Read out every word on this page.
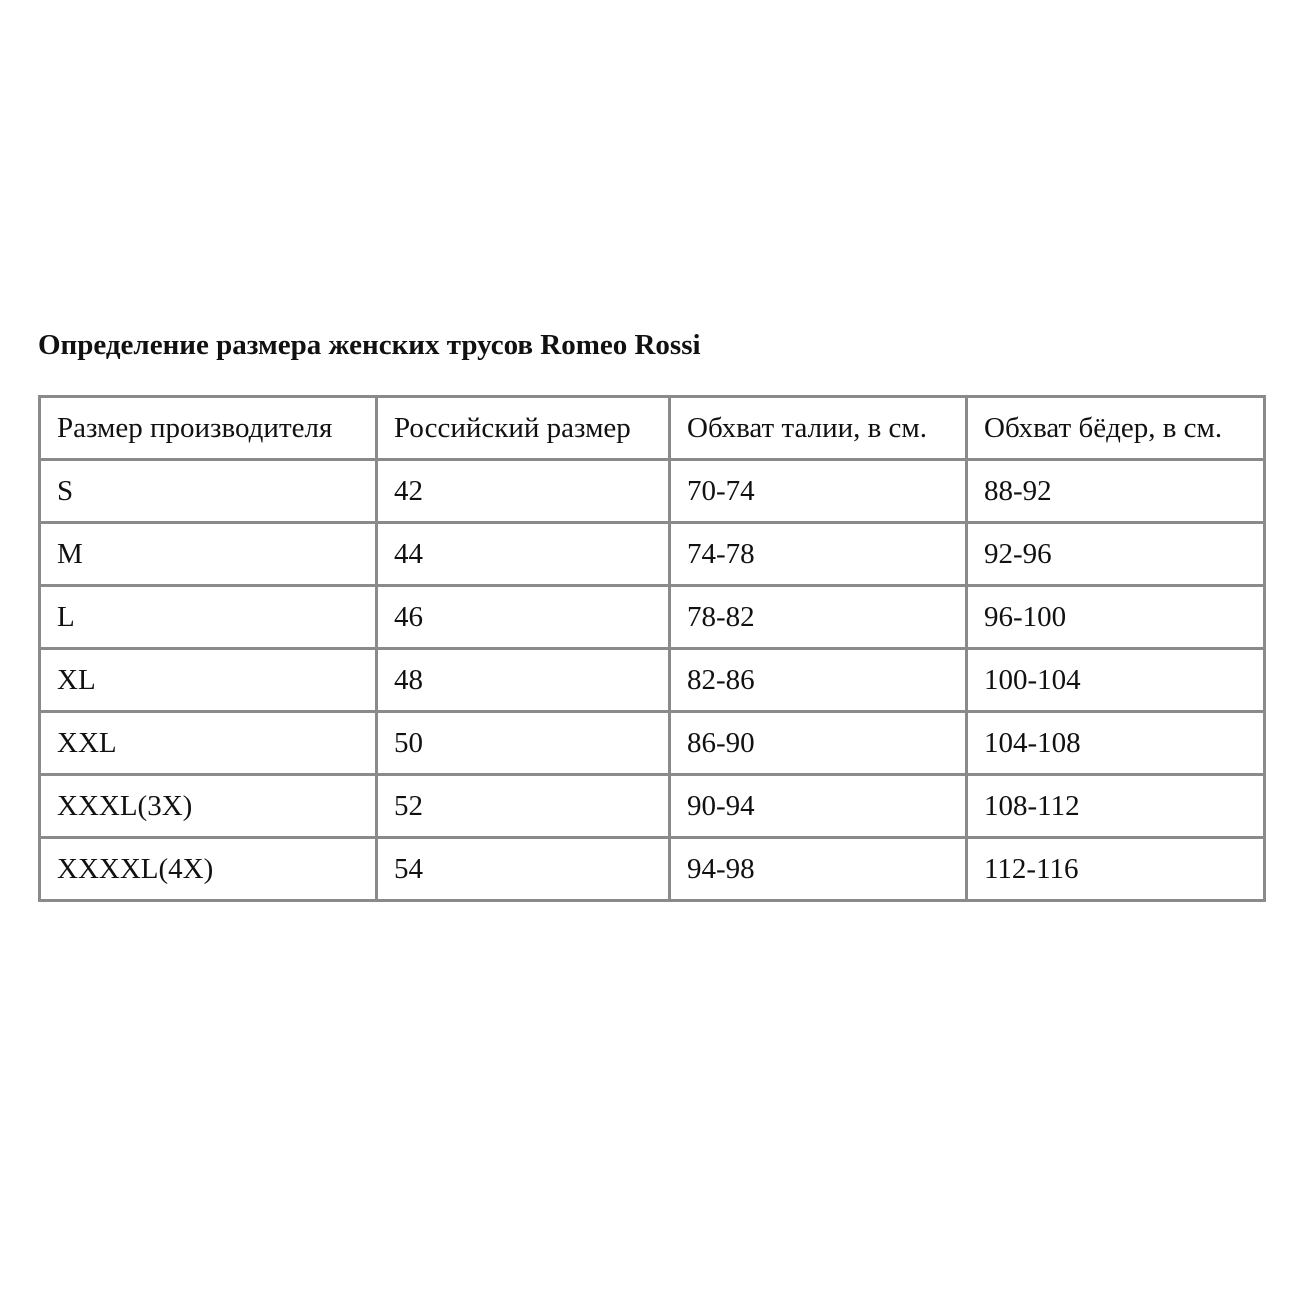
Определение размера женских трусов Romeo Rossi
Размер производителя	Российский размер	Обхват талии, в см.	Обхват бёдер, в см.
S	42	70-74	88-92
M	44	74-78	92-96
L	46	78-82	96-100
XL	48	82-86	100-104
XXL	50	86-90	104-108
XXXL(3X)	52	90-94	108-112
XXXXL(4X)	54	94-98	112-116
